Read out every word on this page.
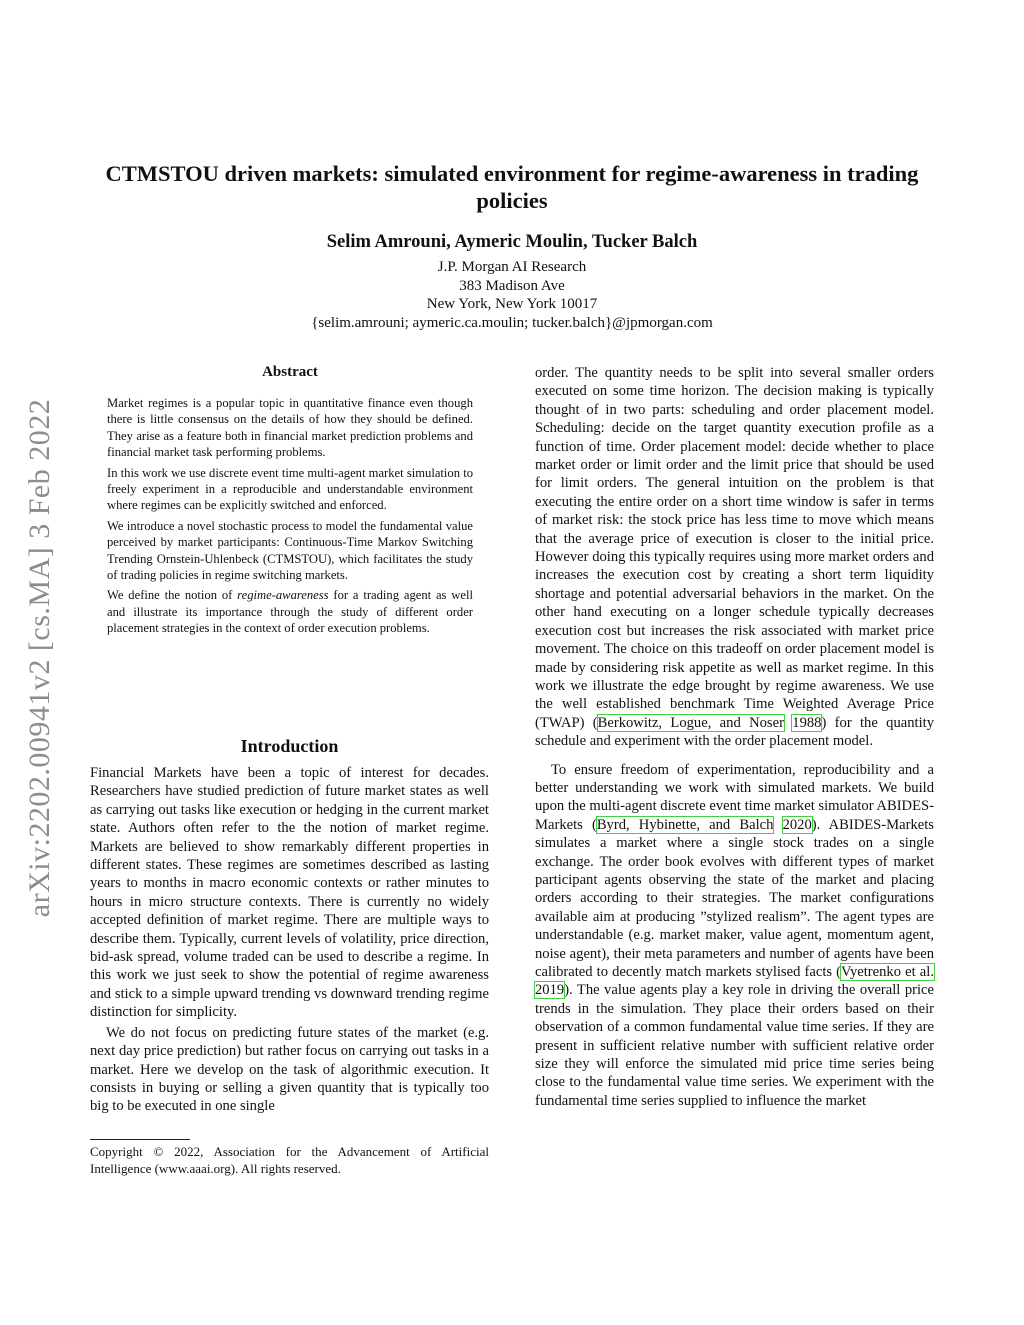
arXiv:2202.00941v2 [cs.MA] 3 Feb 2022
CTMSTOU driven markets: simulated environment for regime-awareness in trading policies
Selim Amrouni, Aymeric Moulin, Tucker Balch
J.P. Morgan AI Research
383 Madison Ave
New York, New York 10017
{selim.amrouni; aymeric.ca.moulin; tucker.balch}@jpmorgan.com
Abstract

Market regimes is a popular topic in quantitative finance even though there is little consensus on the details of how they should be defined. They arise as a feature both in financial market prediction problems and financial market task performing problems.

In this work we use discrete event time multi-agent market simulation to freely experiment in a reproducible and understandable environment where regimes can be explicitly switched and enforced.

We introduce a novel stochastic process to model the fundamental value perceived by market participants: Continuous-Time Markov Switching Trending Ornstein-Uhlenbeck (CTMSTOU), which facilitates the study of trading policies in regime switching markets.

We define the notion of regime-awareness for a trading agent as well and illustrate its importance through the study of different order placement strategies in the context of order execution problems.

Introduction

Financial Markets have been a topic of interest for decades. Researchers have studied prediction of future market states as well as carrying out tasks like execution or hedging in the current market state. Authors often refer to the the notion of market regime. Markets are believed to show remarkably different properties in different states. These regimes are sometimes described as lasting years to months in macro economic contexts or rather minutes to hours in micro structure contexts. There is currently no widely accepted definition of market regime. There are multiple ways to describe them. Typically, current levels of volatility, price direction, bid-ask spread, volume traded can be used to describe a regime. In this work we just seek to show the potential of regime awareness and stick to a simple upward trending vs downward trending regime distinction for simplicity.

We do not focus on predicting future states of the market (e.g. next day price prediction) but rather focus on carrying out tasks in a market. Here we develop on the task of algorithmic execution. It consists in buying or selling a given quantity that is typically too big to be executed in one single

Copyright © 2022, Association for the Advancement of Artificial Intelligence (www.aaai.org). All rights reserved.

order. The quantity needs to be split into several smaller orders executed on some time horizon. The decision making is typically thought of in two parts: scheduling and order placement model. Scheduling: decide on the target quantity execution profile as a function of time. Order placement model: decide whether to place market order or limit order and the limit price that should be used for limit orders. The general intuition on the problem is that executing the entire order on a short time window is safer in terms of market risk: the stock price has less time to move which means that the average price of execution is closer to the initial price. However doing this typically requires using more market orders and increases the execution cost by creating a short term liquidity shortage and potential adversarial behaviors in the market. On the other hand executing on a longer schedule typically decreases execution cost but increases the risk associated with market price movement. The choice on this tradeoff on order placement model is made by considering risk appetite as well as market regime. In this work we illustrate the edge brought by regime awareness. We use the well established benchmark Time Weighted Average Price (TWAP) (Berkowitz, Logue, and Noser 1988) for the quantity schedule and experiment with the order placement model.

To ensure freedom of experimentation, reproducibility and a better understanding we work with simulated markets. We build upon the multi-agent discrete event time market simulator ABIDES-Markets (Byrd, Hybinette, and Balch 2020). ABIDES-Markets simulates a market where a single stock trades on a single exchange. The order book evolves with different types of market participant agents observing the state of the market and placing orders according to their strategies. The market configurations available aim at producing ”stylized realism”. The agent types are understandable (e.g. market maker, value agent, momentum agent, noise agent), their meta parameters and number of agents have been calibrated to decently match markets stylised facts (Vyetrenko et al. 2019). The value agents play a key role in driving the overall price trends in the simulation. They place their orders based on their observation of a common fundamental value time series. If they are present in sufficient relative number with sufficient relative order size they will enforce the simulated mid price time series being close to the fundamental value time series. We experiment with the fundamental time series supplied to influence the market
